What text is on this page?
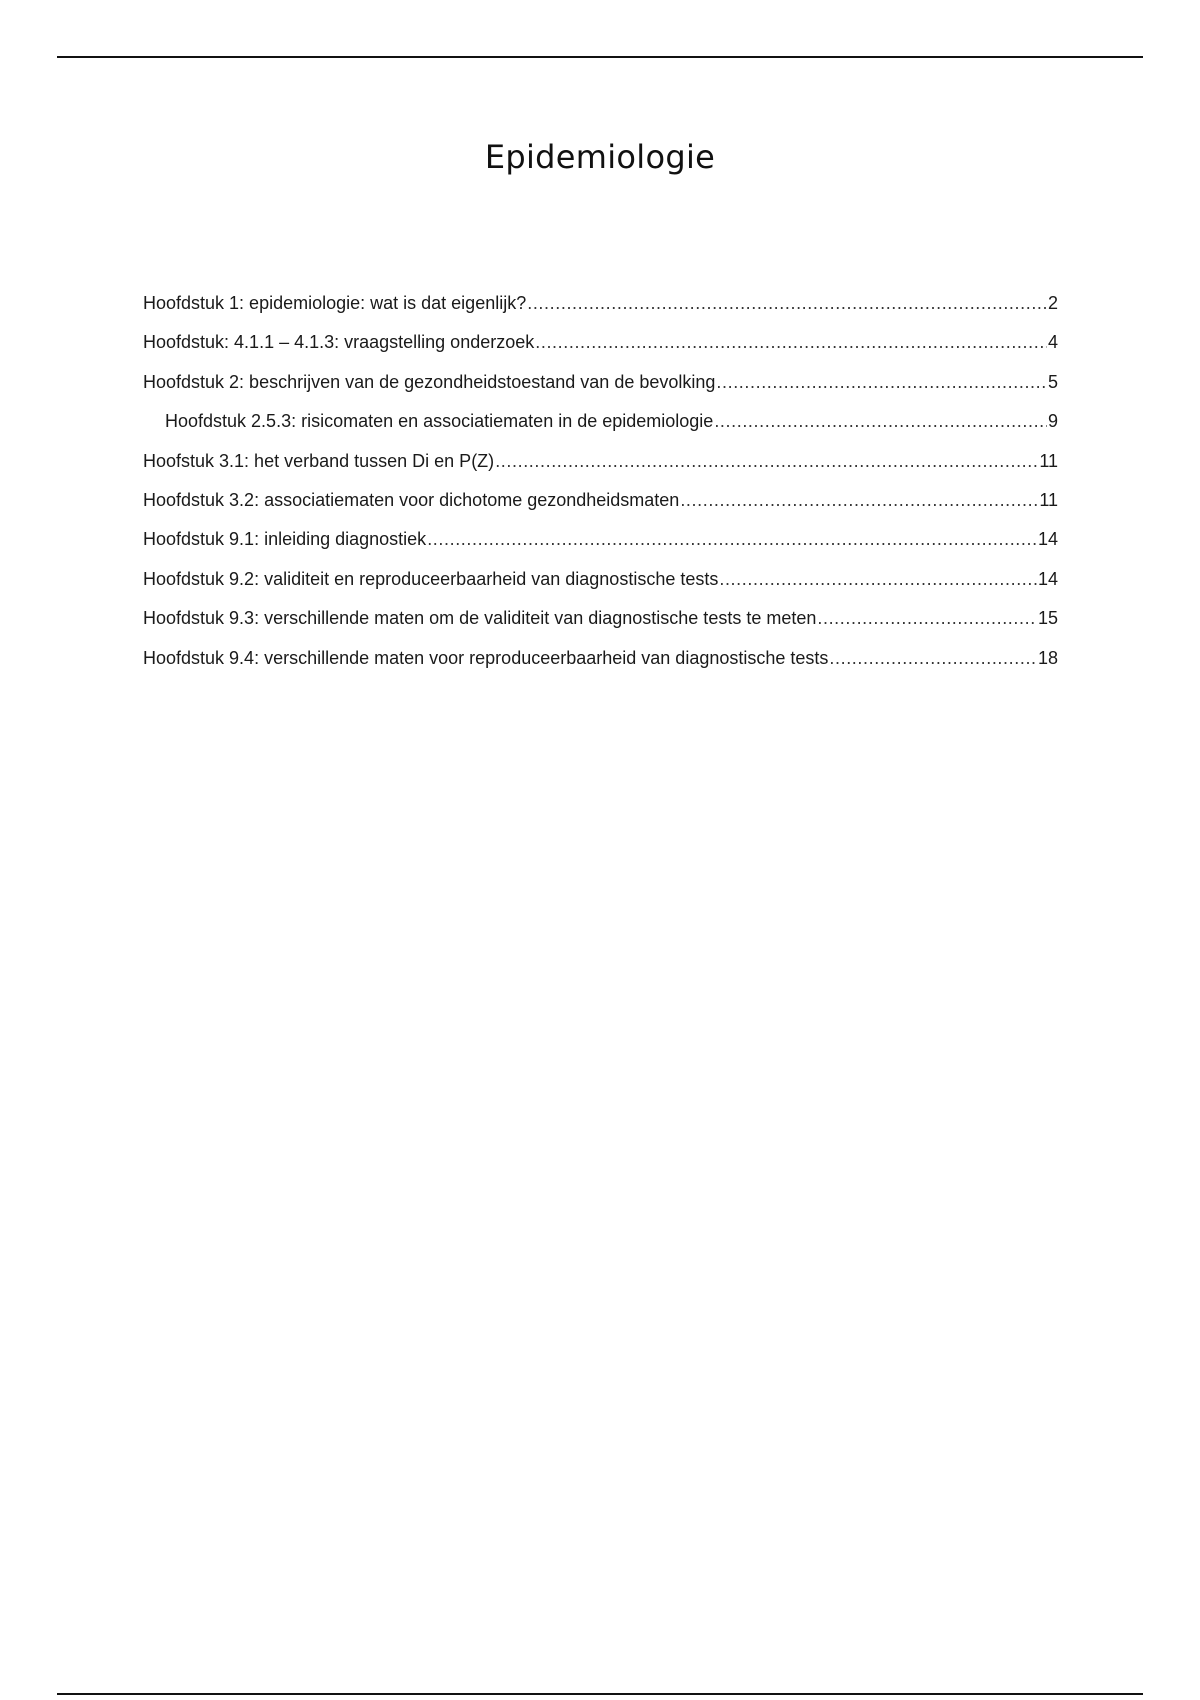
Epidemiologie
Hoofdstuk 1: epidemiologie: wat is dat eigenlijk? .....	2
Hoofdstuk: 4.1.1 – 4.1.3: vraagstelling onderzoek .....	4
Hoofdstuk 2: beschrijven van de gezondheidstoestand van de bevolking .....	5
Hoofdstuk 2.5.3: risicomaten en associatiematen in de epidemiologie .....	9
Hoofstuk 3.1: het verband tussen Di en P(Z) .....	11
Hoofdstuk 3.2: associatiematen voor dichotome gezondheidsmaten .....	11
Hoofdstuk 9.1: inleiding diagnostiek .....	14
Hoofdstuk 9.2: validiteit en reproduceerbaarheid van diagnostische tests .....	14
Hoofdstuk 9.3: verschillende maten om de validiteit van diagnostische tests te meten .....	15
Hoofdstuk 9.4: verschillende maten voor reproduceerbaarheid van diagnostische tests .....	18
